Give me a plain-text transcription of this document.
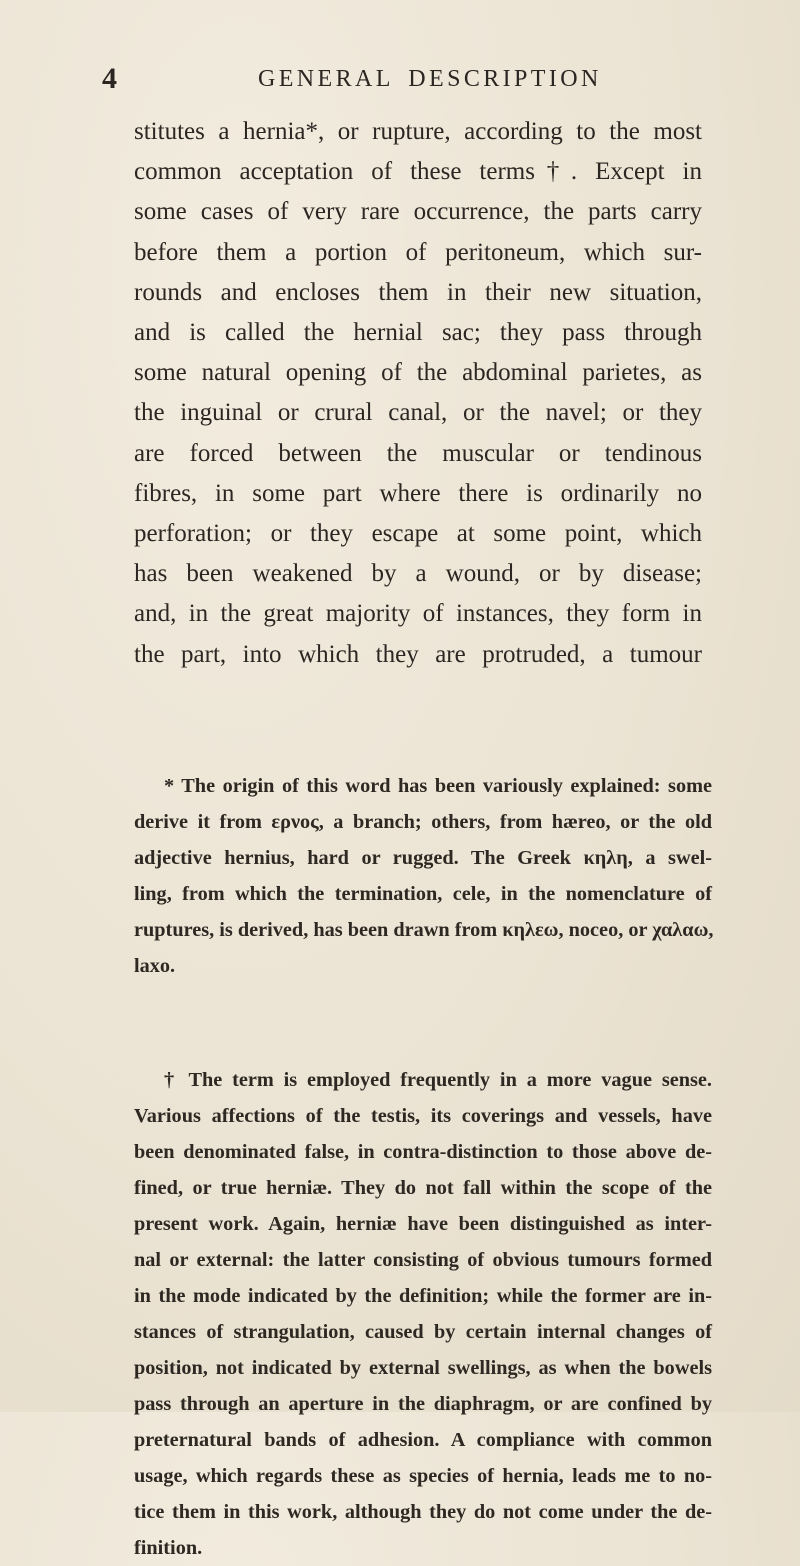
4	GENERAL DESCRIPTION
stitutes a hernia*, or rupture, according to the most
common acceptation of these terms†. Except in
some cases of very rare occurrence, the parts carry
before them a portion of peritoneum, which sur-
rounds and encloses them in their new situation,
and is called the hernial sac; they pass through
some natural opening of the abdominal parietes, as
the inguinal or crural canal, or the navel; or they
are forced between the muscular or tendinous
fibres, in some part where there is ordinarily no
perforation; or they escape at some point, which
has been weakened by a wound, or by disease;
and, in the great majority of instances, they form in
the part, into which they are protruded, a tumour
* The origin of this word has been variously explained: some
derive it from ερνος, a branch; others, from hæreo, or the old
adjective hernius, hard or rugged. The Greek κηλη, a swel-
ling, from which the termination, cele, in the nomenclature of
ruptures, is derived, has been drawn from κηλεω, noceo, or χαλαω,
laxo.
† The term is employed frequently in a more vague sense.
Various affections of the testis, its coverings and vessels, have
been denominated false, in contra-distinction to those above de-
fined, or true herniæ. They do not fall within the scope of the
present work. Again, herniæ have been distinguished as inter-
nal or external: the latter consisting of obvious tumours formed
in the mode indicated by the definition; while the former are in-
stances of strangulation, caused by certain internal changes of
position, not indicated by external swellings, as when the bowels
pass through an aperture in the diaphragm, or are confined by
preternatural bands of adhesion. A compliance with common
usage, which regards these as species of hernia, leads me to no-
tice them in this work, although they do not come under the de-
finition.
